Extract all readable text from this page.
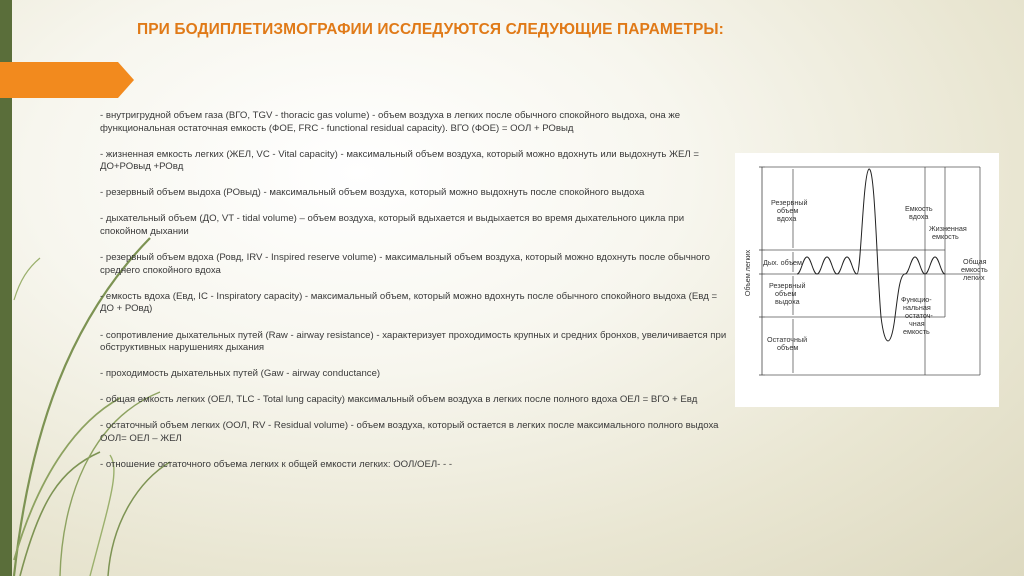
ПРИ БОДИПЛЕТИЗМОГРАФИИ ИССЛЕДУЮТСЯ СЛЕДУЮЩИЕ ПАРАМЕТРЫ:

- внутригрудной объем газа (ВГО, TGV - thoracic gas volume) - объем воздуха в легких после обычного спокойного выдоха, она же функциональная остаточная емкость (ФОЕ, FRC - functional residual capacity). ВГО (ФОЕ) = ООЛ + РОвыд

- жизненная емкость легких (ЖЕЛ, VC - Vital capacity) - максимальный объем воздуха, который можно вдохнуть или выдохнуть ЖЕЛ = ДО+РОвыд +РОвд

- резервный объем выдоха (РОвыд) - максимальный объем воздуха, который можно выдохнуть после спокойного выдоха

- дыхательный объем (ДО, VT - tidal volume) – объем воздуха, который вдыхается и выдыхается во время дыхательного цикла при спокойном дыхании

- резервный объем вдоха (Ровд, IRV - Inspired reserve volume) - максимальный объем воздуха, который можно вдохнуть после обычного среднего спокойного вдоха

- емкость вдоха (Евд, IC - Inspiratory capacity) - максимальный объем, который можно вдохнуть после обычного спокойного выдоха (Евд = ДО + РОвд)

- сопротивление дыхательных путей (Raw - airway resistance) - характеризует проходимость крупных и средних бронхов, увеличивается при обструктивных нарушениях дыхания

- проходимость дыхательных путей (Gaw - airway conductance)

- общая емкость легких (ОЕЛ, TLC - Total lung capacity) максимальный объем воздуха в легких после полного вдоха ОЕЛ = ВГО + Евд

- остаточный объем легких (ООЛ, RV - Residual volume) - объем воздуха, который остается в легких после максимального полного выдоха ООЛ= ОЕЛ – ЖЕЛ

- отношение остаточного объема легких к общей емкости легких: ООЛ/ОЕЛ- - -

Объем легких
Резервный
объем
вдоха
Дых. объем
Резервный
объем
выдоха
Остаточный
объем
Емкость
вдоха
Жизненная
емкость
Функцио-
нальная
остаточ-
чная
емкость
Общая
емкость
легких
